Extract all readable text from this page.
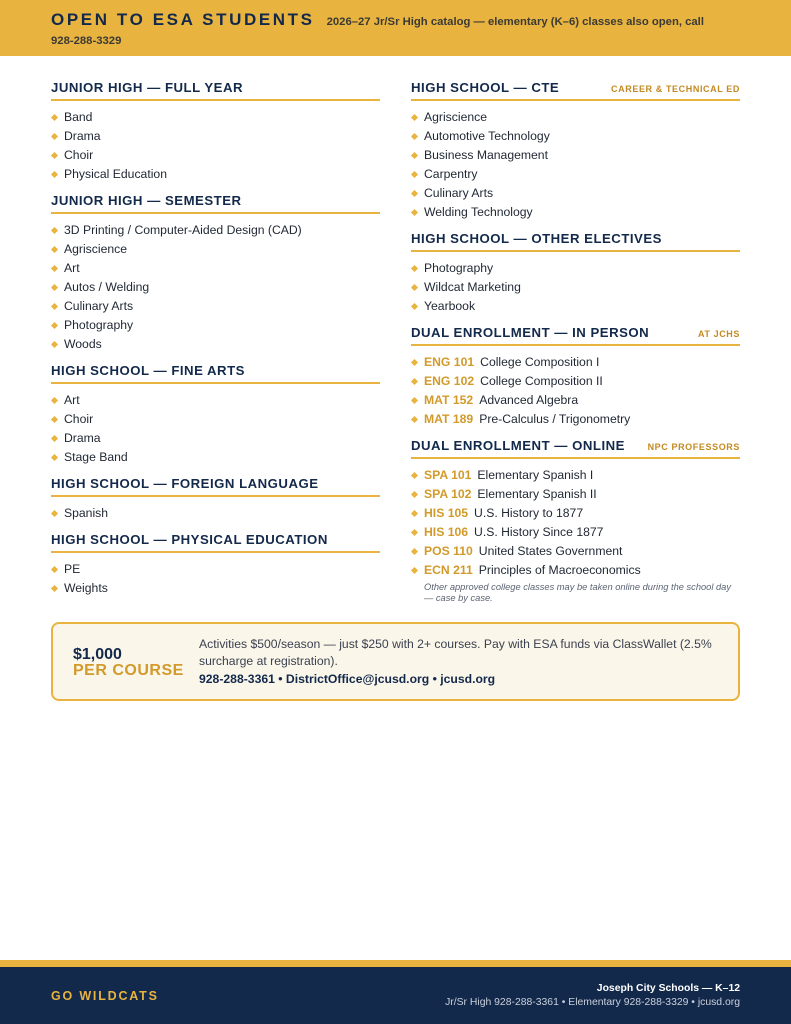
OPEN TO ESA STUDENTS 2026–27 Jr/Sr High catalog — elementary (K–6) classes also open, call
928-288-3329
JUNIOR HIGH — FULL YEAR
Band
Drama
Choir
Physical Education
JUNIOR HIGH — SEMESTER
3D Printing / Computer-Aided Design (CAD)
Agriscience
Art
Autos / Welding
Culinary Arts
Photography
Woods
HIGH SCHOOL — FINE ARTS
Art
Choir
Drama
Stage Band
HIGH SCHOOL — FOREIGN LANGUAGE
Spanish
HIGH SCHOOL — PHYSICAL EDUCATION
PE
Weights
HIGH SCHOOL — CTE	CAREER & TECHNICAL ED
Agriscience
Automotive Technology
Business Management
Carpentry
Culinary Arts
Welding Technology
HIGH SCHOOL — OTHER ELECTIVES
Photography
Wildcat Marketing
Yearbook
DUAL ENROLLMENT — IN PERSON	AT JCHS
ENG 101 College Composition I
ENG 102 College Composition II
MAT 152 Advanced Algebra
MAT 189 Pre-Calculus / Trigonometry
DUAL ENROLLMENT — ONLINE	NPC PROFESSORS
SPA 101 Elementary Spanish I
SPA 102 Elementary Spanish II
HIS 105 U.S. History to 1877
HIS 106 U.S. History Since 1877
POS 110 United States Government
ECN 211 Principles of Macroeconomics
Other approved college classes may be taken online during the school day — case by case.
$1,000
PER COURSE
Activities $500/season — just $250 with 2+ courses. Pay with ESA funds via ClassWallet (2.5% surcharge at registration).
928-288-3361 • DistrictOffice@jcusd.org • jcusd.org
GO WILDCATS
Joseph City Schools — K–12
Jr/Sr High 928-288-3361 • Elementary 928-288-3329 • jcusd.org
